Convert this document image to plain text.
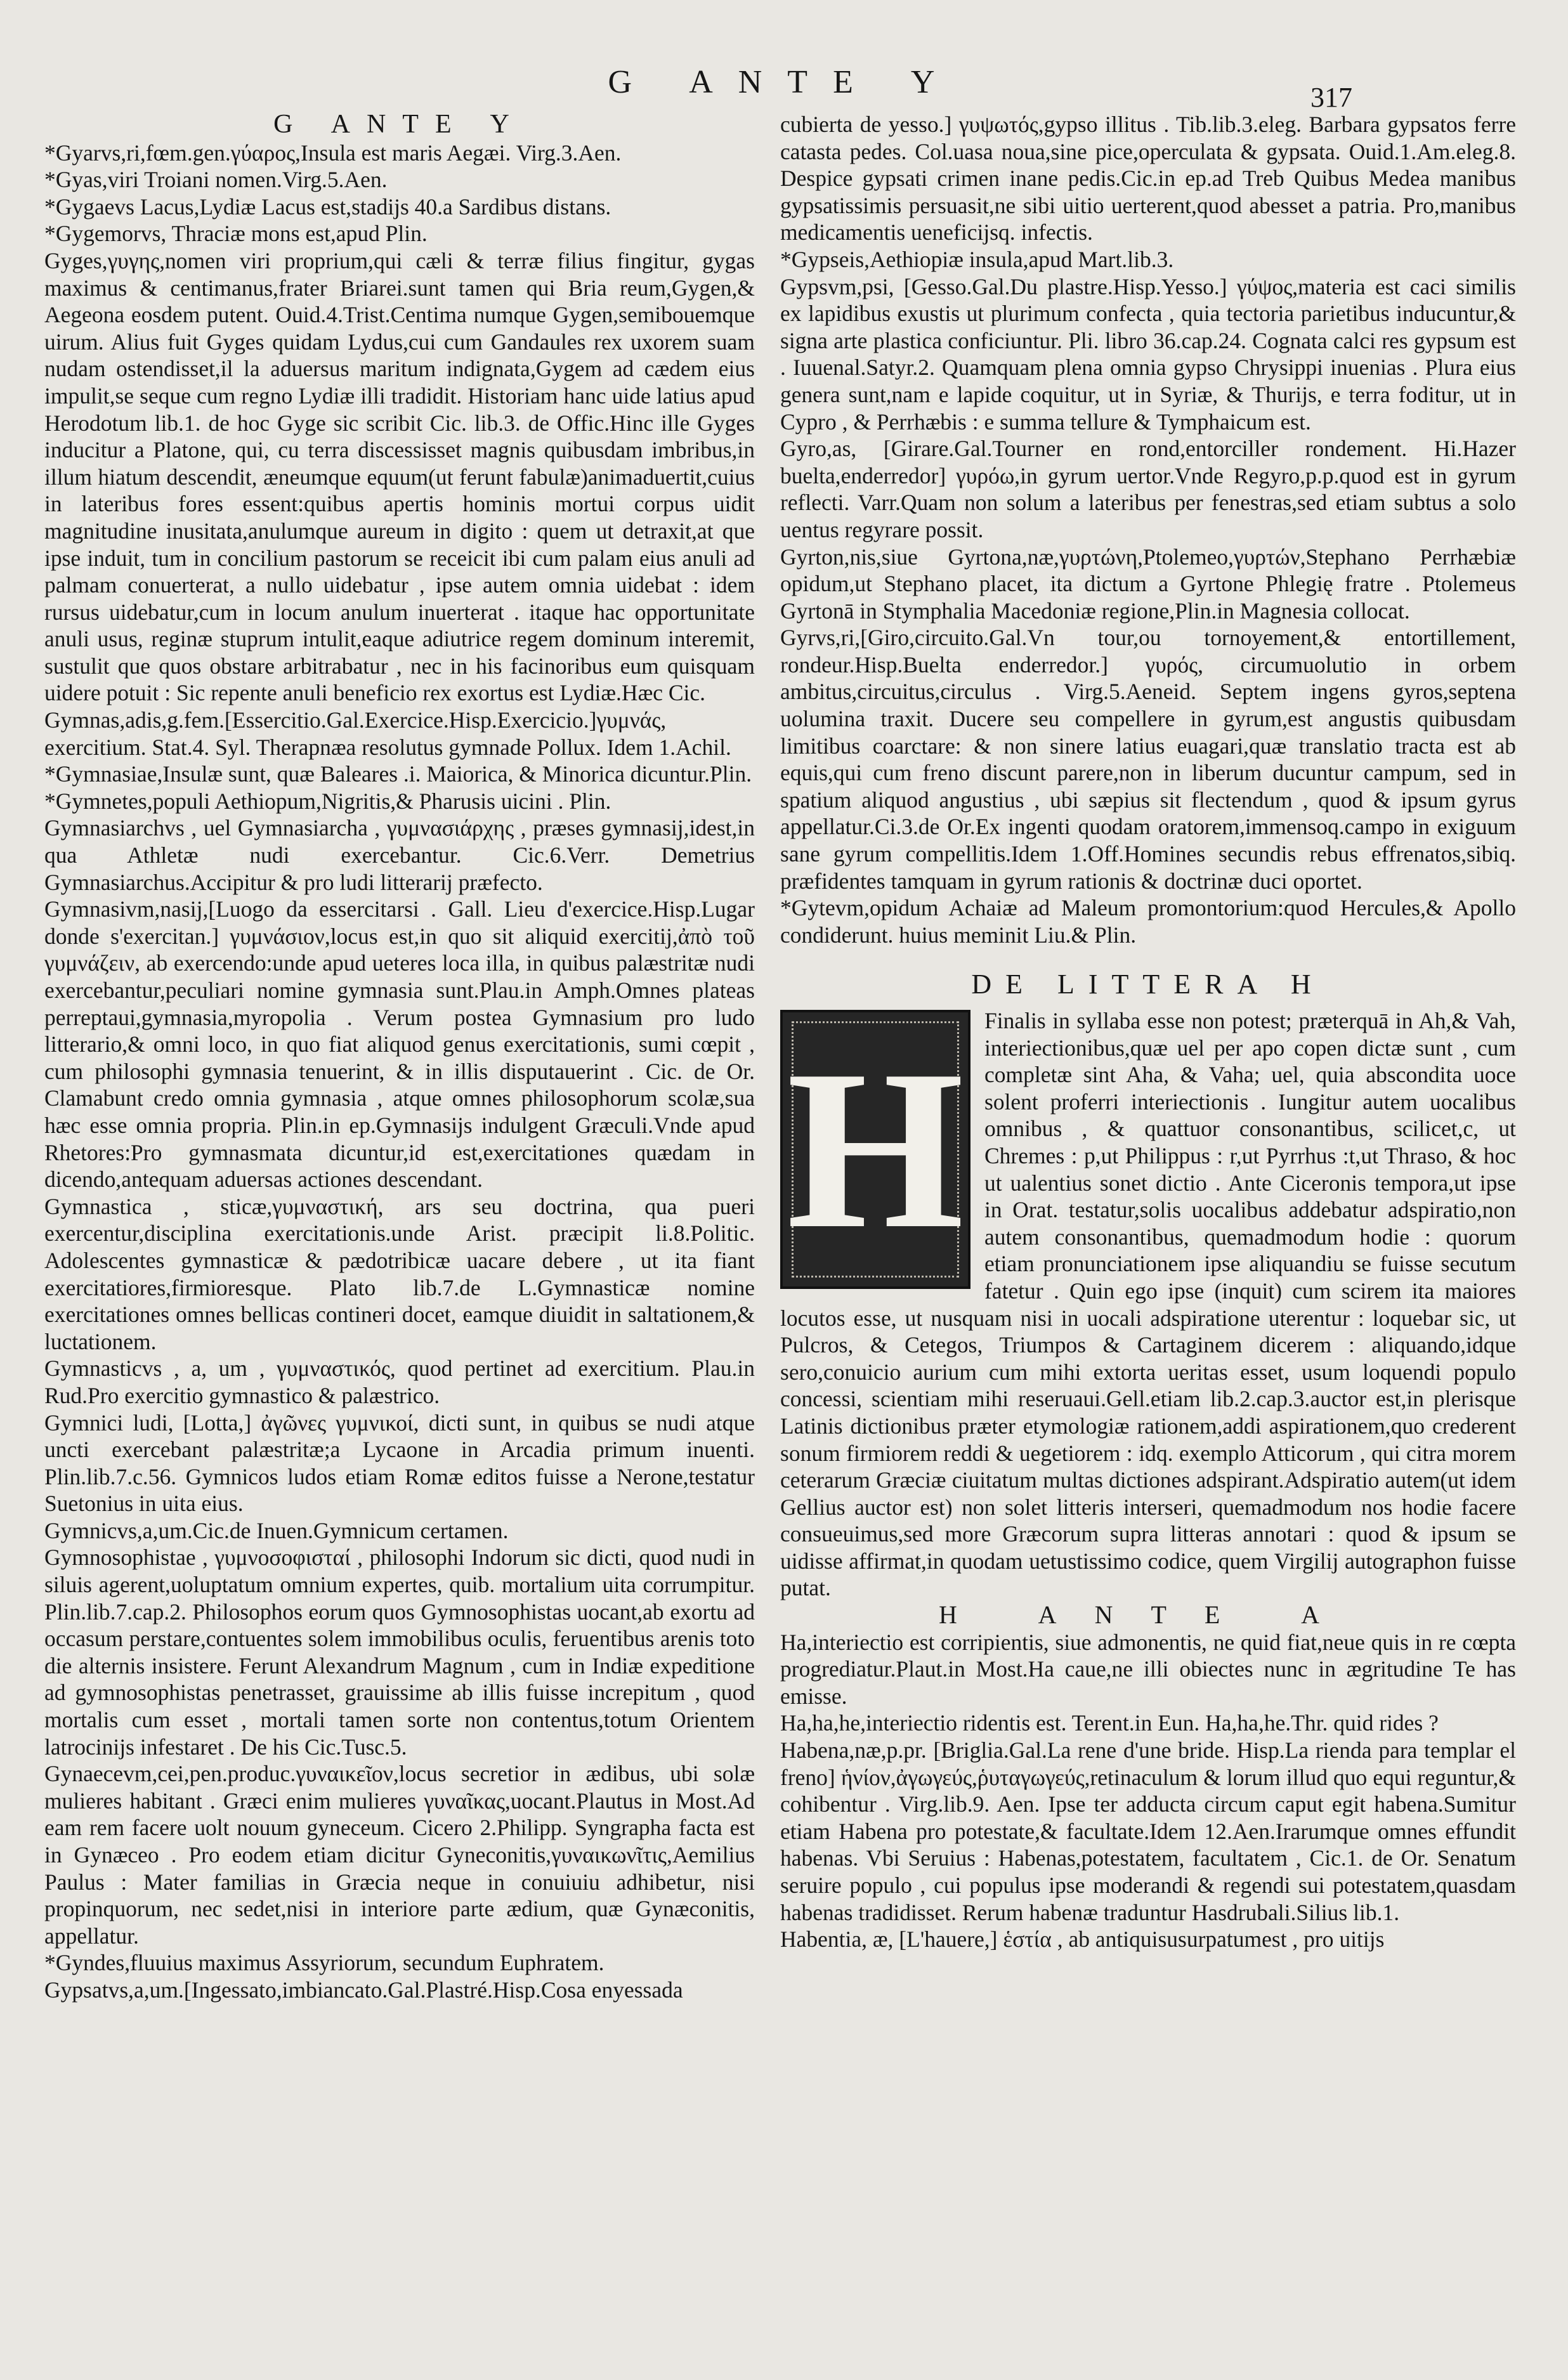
G ANTE Y	317
G ANTE Y

*Gyarvs,ri,fœm.gen.γύαρος,Insula est maris Aegæi. Virg.3.Aen.

*Gyas,viri Troiani nomen.Virg.5.Aen.

*Gygaevs Lacus,Lydiæ Lacus est,stadijs 40.a Sardibus distans.

*Gygemorvs, Thraciæ mons est,apud Plin.

Gyges,γυγης,nomen viri proprium,qui cæli & terræ filius fingitur, gygas maximus & centimanus,frater Briarei.sunt tamen qui Bria reum,Gygen,& Aegeona eosdem putent. Ouid.4.Trist.Centima numque Gygen,semibouemque uirum. Alius fuit Gyges quidam Lydus,cui cum Gandaules rex uxorem suam nudam ostendisset,il la aduersus maritum indignata,Gygem ad cædem eius impulit,se seque cum regno Lydiæ illi tradidit. Historiam hanc uide latius apud Herodotum lib.1. de hoc Gyge sic scribit Cic. lib.3. de Offic.Hinc ille Gyges inducitur a Platone, qui, cu terra discessisset magnis quibusdam imbribus,in illum hiatum descendit, æneumque equum(ut ferunt fabulæ)animaduertit,cuius in lateribus fores essent:quibus apertis hominis mortui corpus uidit magnitudine inusitata,anulumque aureum in digito : quem ut detraxit,at que ipse induit, tum in concilium pastorum se receicit ibi cum palam eius anuli ad palmam conuerterat, a nullo uidebatur , ipse autem omnia uidebat : idem rursus uidebatur,cum in locum anulum inuerterat . itaque hac opportunitate anuli usus, reginæ stuprum intulit,eaque adiutrice regem dominum interemit, sustulit que quos obstare arbitrabatur , nec in his facinoribus eum quisquam uidere potuit : Sic repente anuli beneficio rex exortus est Lydiæ.Hæc Cic.

Gymnas,adis,g.fem.[Essercitio.Gal.Exercice.Hisp.Exercicio.]γυμνάς, exercitium. Stat.4. Syl. Therapnæa resolutus gymnade Pollux. Idem 1.Achil.

*Gymnasiae,Insulæ sunt, quæ Baleares .i. Maiorica, & Minorica dicuntur.Plin.

*Gymnetes,populi Aethiopum,Nigritis,& Pharusis uicini . Plin.

Gymnasiarchvs , uel Gymnasiarcha , γυμνασιάρχης , præses gymnasij,idest,in qua Athletæ nudi exercebantur. Cic.6.Verr. Demetrius Gymnasiarchus.Accipitur & pro ludi litterarij præfecto.

Gymnasivm,nasij,[Luogo da essercitarsi . Gall. Lieu d'exercice.Hisp.Lugar donde s'exercitan.] γυμνάσιον,locus est,in quo sit aliquid exercitij,ἀπὸ τοῦ γυμνάζειν, ab exercendo:unde apud ueteres loca illa, in quibus palæstritæ nudi exercebantur,peculiari nomine gymnasia sunt.Plau.in Amph.Omnes plateas perreptaui,gymnasia,myropolia . Verum postea Gymnasium pro ludo litterario,& omni loco, in quo fiat aliquod genus exercitationis, sumi cœpit , cum philosophi gymnasia tenuerint, & in illis disputauerint . Cic. de Or. Clamabunt credo omnia gymnasia , atque omnes philosophorum scolæ,sua hæc esse omnia propria. Plin.in ep.Gymnasijs indulgent Græculi.Vnde apud Rhetores:Pro gymnasmata dicuntur,id est,exercitationes quædam in dicendo,antequam aduersas actiones descendant.

Gymnastica , sticæ,γυμναστική, ars seu doctrina, qua pueri exercentur,disciplina exercitationis.unde Arist. præcipit li.8.Politic. Adolescentes gymnasticæ & pædotribicæ uacare debere , ut ita fiant exercitatiores,firmioresque. Plato lib.7.de L.Gymnasticæ nomine exercitationes omnes bellicas contineri docet, eamque diuidit in saltationem,& luctationem.

Gymnasticvs , a, um , γυμναστικός, quod pertinet ad exercitium. Plau.in Rud.Pro exercitio gymnastico & palæstrico.

Gymnici ludi, [Lotta,] ἀγῶνες γυμνικοί, dicti sunt, in quibus se nudi atque uncti exercebant palæstritæ;a Lycaone in Arcadia primum inuenti. Plin.lib.7.c.56. Gymnicos ludos etiam Romæ editos fuisse a Nerone,testatur Suetonius in uita eius.

Gymnicvs,a,um.Cic.de Inuen.Gymnicum certamen.

Gymnosophistae , γυμνοσοφισταί , philosophi Indorum sic dicti, quod nudi in siluis agerent,uoluptatum omnium expertes, quib. mortalium uita corrumpitur. Plin.lib.7.cap.2. Philosophos eorum quos Gymnosophistas uocant,ab exortu ad occasum perstare,contuentes solem immobilibus oculis, feruentibus arenis toto die alternis insistere. Ferunt Alexandrum Magnum , cum in Indiæ expeditione ad gymnosophistas penetrasset, grauissime ab illis fuisse increpitum , quod mortalis cum esset , mortali tamen sorte non contentus,totum Orientem latrocinijs infestaret . De his Cic.Tusc.5.

Gynaecevm,cei,pen.produc.γυναικεῖον,locus secretior in ædibus, ubi solæ mulieres habitant . Græci enim mulieres γυναῖκας,uocant.Plautus in Most.Ad eam rem facere uolt nouum gyneceum. Cicero 2.Philipp. Syngrapha facta est in Gynæceo . Pro eodem etiam dicitur Gyneconitis,γυναικωνῖτις,Aemilius Paulus : Mater familias in Græcia neque in conuiuiu adhibetur, nisi propinquorum, nec sedet,nisi in interiore parte ædium, quæ Gynæconitis, appellatur.

*Gyndes,fluuius maximus Assyriorum, secundum Euphratem.

Gypsatvs,a,um.[Ingessato,imbiancato.Gal.Plastré.Hisp.Cosa enyessada

cubierta de yesso.] γυψωτός,gypso illitus . Tib.lib.3.eleg. Barbara gypsatos ferre catasta pedes. Col.uasa noua,sine pice,operculata & gypsata. Ouid.1.Am.eleg.8. Despice gypsati crimen inane pedis.Cic.in ep.ad Treb Quibus Medea manibus gypsatissimis persuasit,ne sibi uitio uerterent,quod abesset a patria. Pro,manibus medicamentis ueneficijsq. infectis.

*Gypseis,Aethiopiæ insula,apud Mart.lib.3.

Gypsvm,psi, [Gesso.Gal.Du plastre.Hisp.Yesso.] γύψος,materia est caci similis ex lapidibus exustis ut plurimum confecta , quia tectoria parietibus inducuntur,& signa arte plastica conficiuntur. Pli. libro 36.cap.24. Cognata calci res gypsum est . Iuuenal.Satyr.2. Quamquam plena omnia gypso Chrysippi inuenias . Plura eius genera sunt,nam e lapide coquitur, ut in Syriæ, & Thurijs, e terra foditur, ut in Cypro , & Perrhæbis : e summa tellure & Tymphaicum est.

Gyro,as, [Girare.Gal.Tourner en rond,entorciller rondement. Hi.Hazer buelta,enderredor] γυρόω,in gyrum uertor.Vnde Regyro,p.p.quod est in gyrum reflecti. Varr.Quam non solum a lateribus per fenestras,sed etiam subtus a solo uentus regyrare possit.

Gyrton,nis,siue Gyrtona,næ,γυρτώνη,Ptolemeo,γυρτών,Stephano Perrhæbiæ opidum,ut Stephano placet, ita dictum a Gyrtone Phlegię fratre . Ptolemeus Gyrtonā in Stymphalia Macedoniæ regione,Plin.in Magnesia collocat.

Gyrvs,ri,[Giro,circuito.Gal.Vn tour,ou tornoyement,& entortillement, rondeur.Hisp.Buelta enderredor.] γυρός, circumuolutio in orbem ambitus,circuitus,circulus . Virg.5.Aeneid. Septem ingens gyros,septena uolumina traxit. Ducere seu compellere in gyrum,est angustis quibusdam limitibus coarctare: & non sinere latius euagari,quæ translatio tracta est ab equis,qui cum freno discunt parere,non in liberum ducuntur campum, sed in spatium aliquod angustius , ubi sæpius sit flectendum , quod & ipsum gyrus appellatur.Ci.3.de Or.Ex ingenti quodam oratorem,immensoq.campo in exiguum sane gyrum compellitis.Idem 1.Off.Homines secundis rebus effrenatos,sibiq. præfidentes tamquam in gyrum rationis & doctrinæ duci oportet.

*Gytevm,opidum Achaiæ ad Maleum promontorium:quod Hercules,& Apollo condiderunt. huius meminit Liu.& Plin.

DE LITTERA H
H

Finalis in syllaba esse non potest; præterquā in Ah,& Vah, interiectionibus,quæ uel per apo copen dictæ sunt , cum completæ sint Aha, & Vaha; uel, quia abscondita uoce solent proferri interiectionis . Iungitur autem uocalibus omnibus , & quattuor consonantibus, scilicet,c, ut Chremes : p,ut Philippus : r,ut Pyrrhus :t,ut Thraso, & hoc ut ualentius sonet dictio . Ante Ciceronis tempora,ut ipse in Orat. testatur,solis uocalibus addebatur adspiratio,non autem consonantibus, quemadmodum hodie : quorum etiam pronunciationem ipse aliquandiu se fuisse secutum fatetur . Quin ego ipse (inquit) cum scirem ita maiores locutos esse, ut nusquam nisi in uocali adspiratione uterentur : loquebar sic, ut Pulcros, & Cetegos, Triumpos & Cartaginem dicerem : aliquando,idque sero,conuicio aurium cum mihi extorta ueritas esset, usum loquendi populo concessi, scientiam mihi reseruaui.Gell.etiam lib.2.cap.3.auctor est,in plerisque Latinis dictionibus præter etymologiæ rationem,addi aspirationem,quo crederent sonum firmiorem reddi & uegetiorem : idq. exemplo Atticorum , qui citra morem ceterarum Græciæ ciuitatum multas dictiones adspirant.Adspiratio autem(ut idem Gellius auctor est) non solet litteris interseri, quemadmodum nos hodie facere consueuimus,sed more Græcorum supra litteras annotari : quod & ipsum se uidisse affirmat,in quodam uetustissimo codice, quem Virgilij autographon fuisse putat.

H ANTE A

Ha,interiectio est corripientis, siue admonentis, ne quid fiat,neue quis in re cœpta progrediatur.Plaut.in Most.Ha caue,ne illi obiectes nunc in ægritudine Te has emisse.

Ha,ha,he,interiectio ridentis est. Terent.in Eun. Ha,ha,he.Thr. quid rides ?

Habena,næ,p.pr. [Briglia.Gal.La rene d'une bride. Hisp.La rienda para templar el freno] ἡνίον,ἀγωγεύς,ῥυταγωγεύς,retinaculum & lorum illud quo equi reguntur,& cohibentur . Virg.lib.9. Aen. Ipse ter adducta circum caput egit habena.Sumitur etiam Habena pro potestate,& facultate.Idem 12.Aen.Irarumque omnes effundit habenas. Vbi Seruius : Habenas,potestatem, facultatem , Cic.1. de Or. Senatum seruire populo , cui populus ipse moderandi & regendi sui potestatem,quasdam habenas tradidisset. Rerum habenæ traduntur Hasdrubali.Silius lib.1.

Habentia, æ, [L'hauere,] ἑστία , ab antiquisusurpatumest , pro uitijs
